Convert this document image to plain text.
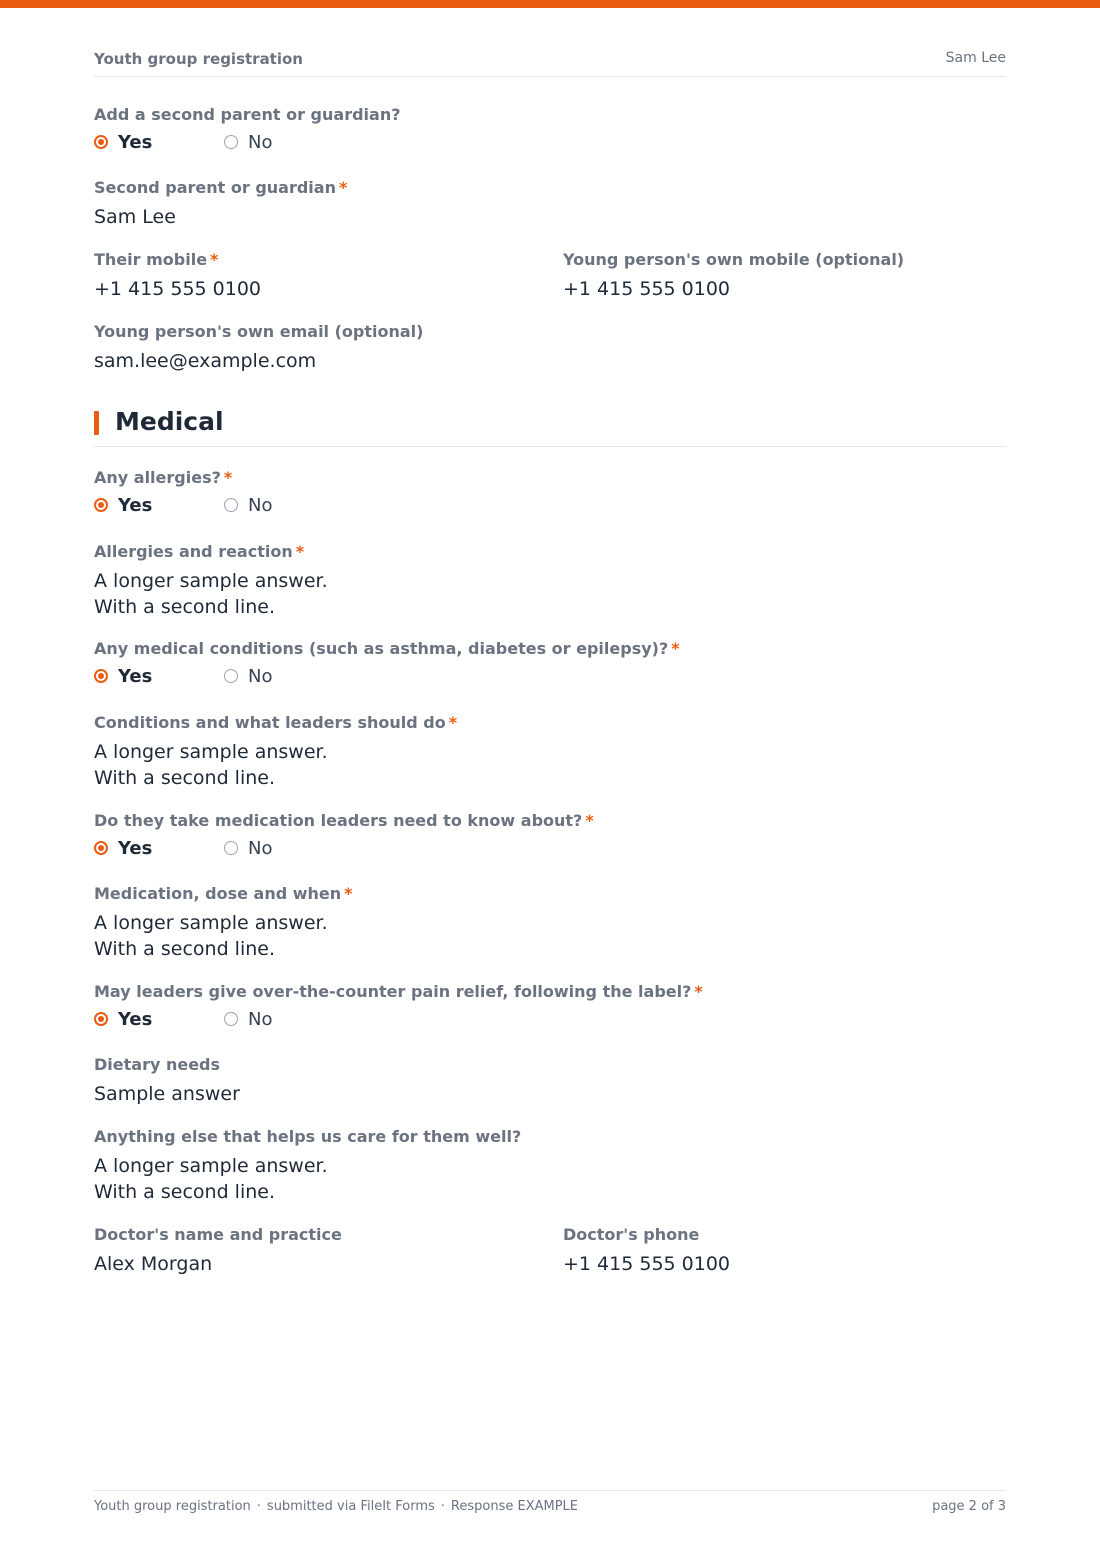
Youth group registration	Sam Lee
Add a second parent or guardian?
Yes	No
Second parent or guardian *
Sam Lee
Their mobile *
+1 415 555 0100
Young person's own mobile (optional)
+1 415 555 0100
Young person's own email (optional)
sam.lee@example.com
Medical
Any allergies? *
Yes	No
Allergies and reaction *
A longer sample answer.
With a second line.
Any medical conditions (such as asthma, diabetes or epilepsy)? *
Yes	No
Conditions and what leaders should do *
A longer sample answer.
With a second line.
Do they take medication leaders need to know about? *
Yes	No
Medication, dose and when *
A longer sample answer.
With a second line.
May leaders give over-the-counter pain relief, following the label? *
Yes	No
Dietary needs
Sample answer
Anything else that helps us care for them well?
A longer sample answer.
With a second line.
Doctor's name and practice
Alex Morgan
Doctor's phone
+1 415 555 0100
Youth group registration · submitted via FileIt Forms · Response EXAMPLE	page 2 of 3
